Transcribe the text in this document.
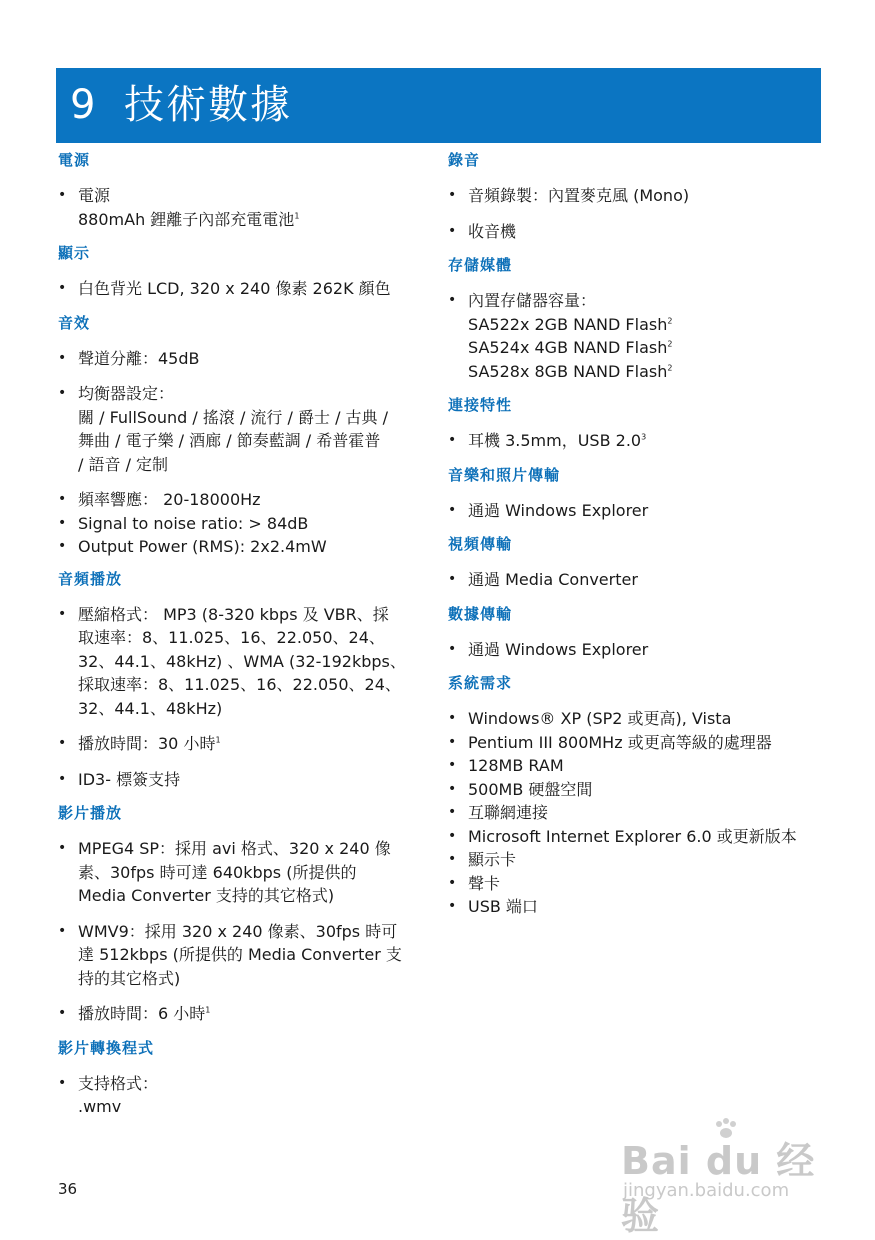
9 技術數據
電源
• 電源
880mAh 鋰離子內部充電電池$^1$
顯示
• 白色背光 LCD, 320 x 240 像素 262K 顏色
音效
• 聲道分離：45dB
• 均衡器設定：
關 / FullSound / 搖滾 / 流行 / 爵士 / 古典 /
舞曲 / 電子樂 / 酒廊 / 節奏藍調 / 希普霍普
/ 語音 / 定制
• 頻率響應： 20-18000Hz
• Signal to noise ratio: > 84dB
• Output Power (RMS): 2x2.4mW
音頻播放
• 壓縮格式： MP3 (8-320 kbps 及 VBR、採
取速率：8、11.025、16、22.050、24、
32、44.1、48kHz) 、WMA (32-192kbps、
採取速率：8、11.025、16、22.050、24、
32、44.1、48kHz)
• 播放時間：30 小時$^1$
• ID3- 標簽支持
影片播放
• MPEG4 SP：採用 avi 格式、320 x 240 像
素、30fps 時可達 640kbps (所提供的
Media Converter 支持的其它格式)
• WMV9：採用 320 x 240 像素、30fps 時可
達 512kbps (所提供的 Media Converter 支
持的其它格式)
• 播放時間：6 小時$^1$
影片轉換程式
• 支持格式：
.wmv
錄音
• 音頻錄製：內置麥克風 (Mono)
• 收音機
存儲媒體
• 內置存儲器容量：
SA522x 2GB NAND Flash$^2$
SA524x 4GB NAND Flash$^2$
SA528x 8GB NAND Flash$^2$
連接特性
• 耳機 3.5mm，USB $2.0^3$
音樂和照片傳輸
• 通過 Windows Explorer
視頻傳輸
• 通過 Media Converter
數據傳輸
• 通過 Windows Explorer
系統需求
• Windows® XP (SP2 或更高), Vista
• Pentium III 800MHz 或更高等級的處理器
• 128MB RAM
• 500MB 硬盤空間
• 互聯網連接
• Microsoft Internet Explorer 6.0 或更新版本
• 顯示卡
• 聲卡
• USB 端口
36
Bai du 经验
jingyan.baidu.com
